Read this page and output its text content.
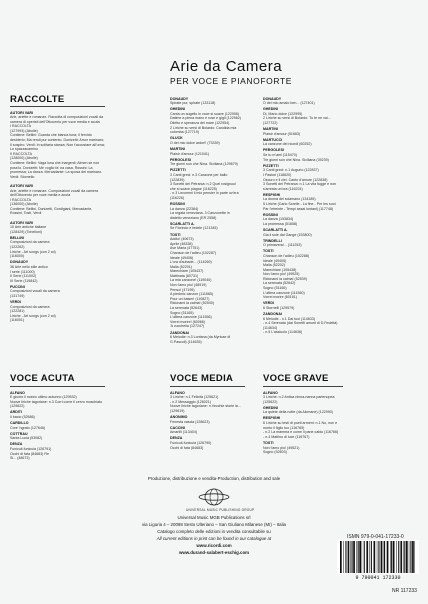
Arie da Camera
PER VOCE E PIANOFORTE
RACCOLTE
AUTORI VARI
Arie, ariette e romanze. Raccolta di composizioni vocali da camera di operisti dell'Ottocento per voce media e acuta
I RACCOLTA
(127993) (Abolle)
Contiene: Bellini: Guarda che bianca luna; Il fervido desiderio; Ma rendi pur contento. Donizetti: Amor marinaro; Il sospiro. Verdi: In solitaria stanza; Non t'accostare all'urna; Lo spazzacamino
II RACCOLTA
(128000) (Abolle)
Contiene: Bellini: Vaga luna che inargenti; Almen se non poss'io. Donizetti: Me voglio fa' na casa. Rossini: La promessa; La danza. Mercadante: La sposa del marinaro. Verdi: Stornello
AUTORI VARI
Arie, ariette e romanze. Composizioni vocali da camera dell'Ottocento per voce media e acuta
I RACCOLTA
(136000) (Abolle)
Contiene: Bellini, Donizetti, Gordigiani, Mercadante, Rossini, Tosti, Verdi
AUTORI VARI
10 Arie antiche italiane
(128429) (Tonelloni)
BELLINI
Composizioni da camera
(122262)
Liriche - Art songs (con 2 cd)
(116000)
DONAUDY
36 Arie nello stile antico
I serie (111000)
II Serie (111002)
III Serie (119842)
PUCCINI
Composizioni vocali da camera
(131749)
VERDI
Composizioni da camera
(122281)
Liriche - Art songs (con 2 cd)
(116001)
VOCE ACUTA
ALFANO
E giunto il nostro ultimo autunno (129532)
Nuove liriche tagoriane: n.3 Corri come il cervo muschiato (129622)
ARDITI
Il bacio (52686)
CARDILLO
Core 'ngrato (127646)
COTTRAU
Santa Lucia (53082)
DENZA
Funiculi-funicula (126791)
Occhi di fata (84683) Re
Si... (48673)
DONAUDY
Spirate pur, spirate (133118)
GHEDINI
Canta un augello in voce si suave (122906)
Datime a piena mano e rose e gigli (122962)
Diletto e speranza del mare (122954)
2 Liriche su versi di Bolardo: Candida mia colomba (127719)
GLUCK
O del mio dolce ardor!! (73339)
MARTINI
Plaisir d'amour (121041)
PERGOLESI
Tre giorni son che Nina. Siciliana (129679)
PIZZETTI
3 Canti greci: n.3 Canzone per ballo (122839)
3 Sonetti del Petrarca: n.2 Quel rosignuol che si soave piagne (116225)
- n.3 Levommi il mio pensier in parte ov'era (116226)
ROSSINI
La danza (22384)
La regata veneziana. 3 Canzonette in dialetto veneziano (ER 2558)
SCARLATTI A.
Se Florindo e fedele (121345)
TOSTI
Addio! (40673)
Aprile (48338)
Ave Maria (47751)
Chanson de l'adieu (102287)
Ideale (49406)
L'ora d'aubade... (114269)
Malia (52201)
Marechiare (105437)
Mattinata (60731)
La mia canzone! (119040)
Non t'amo piu! (48919)
Penso! (47195)
A piedmic canzon (111665)
Pour un baiser! (110827)
Ridonami la calma! (52540)
La serenata (52643)
Sogno (51165)
L'ultima canzone (111556)
Vorrei morire! (60066)
'A vucchella (127247)
ZANDONAI
6 Melodie: n.3 Lontana (da Myricae di G.Pascoli) (114635)
DONAUDY
O del mio amato ben... (127401)
GHEDINI
Di, Mario dolce (122995)
2 Liriche su versi di Bolardo: Tu te ne vai... (127722)
MARTINI
Plaisir d'amour (51683)
MARTUCCI
La canzone dei ricordi (60252)
PERGOLESI
Se tu m'ami (115470)
Tre giorni son che Nina. Siciliana (39239)
PIZZETTI
3 Canti greci: n.1 Augurio (122837)
I Pastori (118620)
Oscuro e il ciel. Canto d'amore (122838)
3 Sonetti del Petrarca: n.1 La vita fugge e non s'arresta un'ora (116224)
RESPIGHI
La donna del sciamano (134185)
5 Liriche (Carlo Sorelle - La fine - Per les suoi Par l'etreinte - Tempi assai lontani) (117748)
ROSSINI
La danza (153834)
La promessa (51658)
SCARLATTI A.
Gia il sole dal Gange (153800)
TRINDELLI
O primavera!... (111253)
TOSTI
Chanson de l'adieu (102288)
Ideale (49405)
Malia (52202)
Marechiare (105438)
Non t'amo piu! (49525)
Ridonami la calma! (52539)
La serenata (52642)
Sogno (51166)
L'ultima canzone (111560)
Vorrei morire (60161)
VERDI
6 Stornelli (129579)
ZANDONAI
6 Melodie - n.1 Dai tuoi (114633)
- n.4 Serenata (dai Sonetti amorit di D.Fedeltà) (114634)
- n.5 L'assiuolo (114636)
VOCE MEDIA
ALFANO
3 Liriche: n.1 Felicità (125621)
- n.2 Messaggio (126021)
Nuove liriche tagoriane: n.Vecchie storie la... (129619)
ANONIMO
Fenesta vascia (128623)
CACCINI
Amarilli (113404)
DENZA
Funiculi-funicula (126790)
Occhi di fata (84683)
VOCE GRAVE
ALFANO
3 Liriche: n.2 Antica ninna-nanna partenopea (125622)
GHEDINI
La quiete della notte (da Alcmane) (122990)
RESPIGHI
6 Liriche su testi di poeti armeni: n.1 No, non e morto il figlio tuo (116765)
- n.2 La mamma e come il pane caldo (116766)
- n.4 Mattino di luce (116767)
TOSTI
Non t'amo piu! (49521)
Sogno (52603)
Produzione, distribuzione e vendita-Production, distribution and sale
UNIVERSAL MUSIC PUBLISHING GROUP
Universal Music MGB Publications srl
via Liguria 4 – 20098 Sesto Ulteriano – San Giuliano Milanese (MI) – Italia
Catalogo completo delle edizioni in vendita consultabile su
All current editions in print can be found in our catalogue at
www.ricordi.com
www.durand-salabert-eschig.com
ISMN 979-0-041-17233-0
9 790041 172330
NR 117233
